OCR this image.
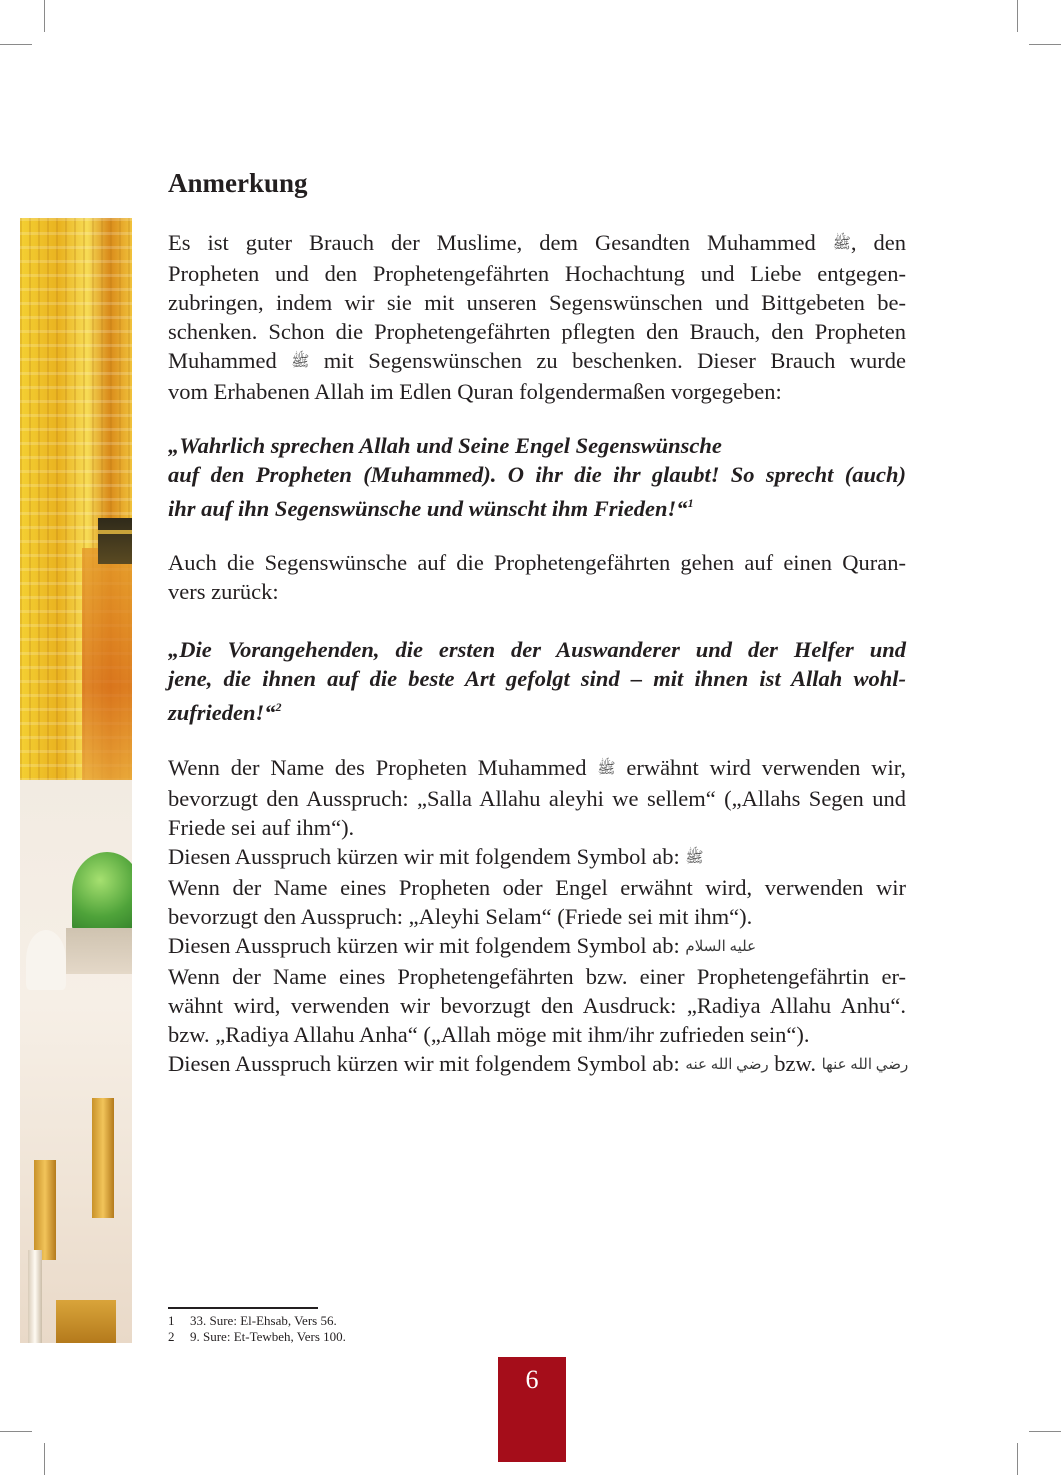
Anmerkung
Es ist guter Brauch der Muslime, dem Gesandten Muhammed ﷺ, den
Propheten und den Prophetengefährten Hochachtung und Liebe entgegen-
zubringen, indem wir sie mit unseren Segenswünschen und Bittgebeten be-
schenken. Schon die Prophetengefährten pflegten den Brauch, den Propheten
Muhammed ﷺ mit Segenswünschen zu beschenken. Dieser Brauch wurde
vom Erhabenen Allah im Edlen Quran folgendermaßen vorgegeben:
„Wahrlich sprechen Allah und Seine Engel Segenswünsche
auf den Propheten (Muhammed). O ihr die ihr glaubt! So sprecht (auch)
ihr auf ihn Segenswünsche und wünscht ihm Frieden!“$^1$
Auch die Segenswünsche auf die Prophetengefährten gehen auf einen Quran-
vers zurück:
„Die Vorangehenden, die ersten der Auswanderer und der Helfer und
jene, die ihnen auf die beste Art gefolgt sind – mit ihnen ist Allah wohl-
zufrieden!“$^2$
Wenn der Name des Propheten Muhammed ﷺ erwähnt wird verwenden wir,
bevorzugt den Ausspruch: „Salla Allahu aleyhi we sellem“ („Allahs Segen und
Friede sei auf ihm“).
Diesen Ausspruch kürzen wir mit folgendem Symbol ab: ﷺ
Wenn der Name eines Propheten oder Engel erwähnt wird, verwenden wir
bevorzugt den Ausspruch: „Aleyhi Selam“ (Friede sei mit ihm“).
Diesen Ausspruch kürzen wir mit folgendem Symbol ab: عليه السلام
Wenn der Name eines Prophetengefährten bzw. einer Prophetengefährtin er-
wähnt wird, verwenden wir bevorzugt den Ausdruck: „Radiya Allahu Anhu“.
bzw. „Radiya Allahu Anha“ („Allah möge mit ihm/ihr zufrieden sein“).
Diesen Ausspruch kürzen wir mit folgendem Symbol ab: رضي الله عنه bzw. رضي الله عنها

1 33. Sure: El-Ehsab, Vers 56.

2 9. Sure: Et-Tewbeh, Vers 100.

6
